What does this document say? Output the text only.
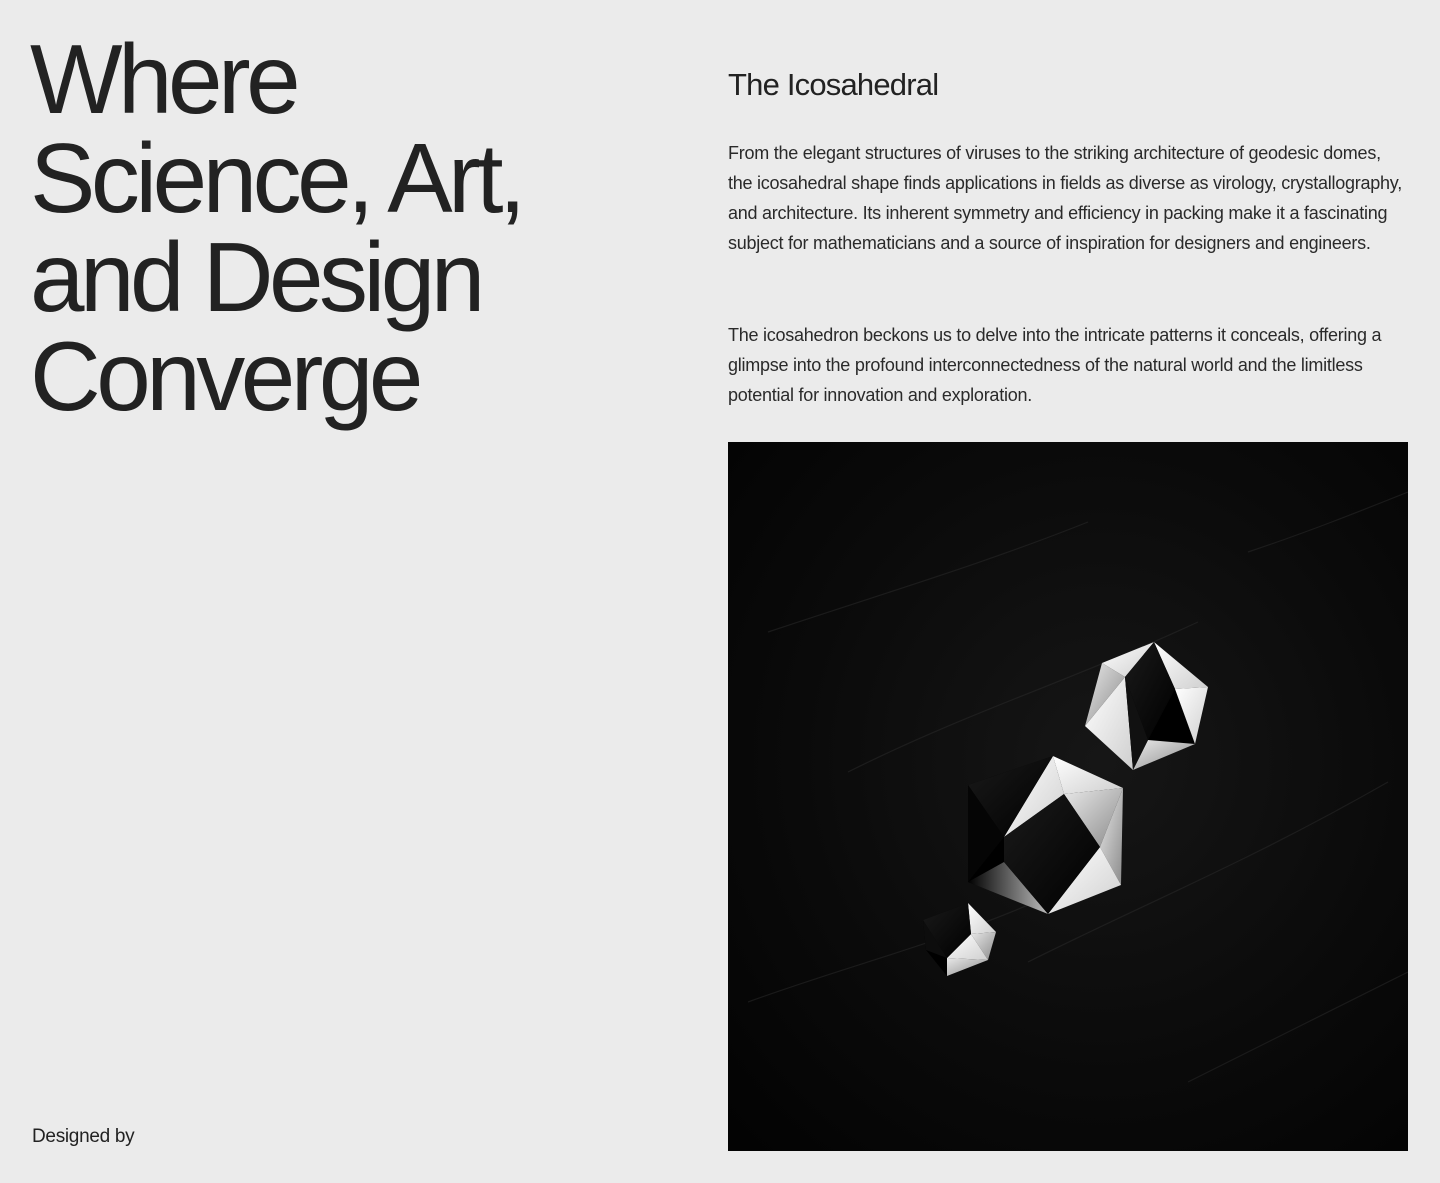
Where
Science, Art,
and Design
Converge
Designed by
The Icosahedral

From the elegant structures of viruses to the striking architecture of geodesic domes, the icosahedral shape finds applications in fields as diverse as virology, crystallography, and architecture. Its inherent symmetry and efficiency in packing make it a fascinating subject for mathematicians and a source of inspiration for designers and engineers.

The icosahedron beckons us to delve into the intricate patterns it conceals, offering a glimpse into the profound interconnectedness of the natural world and the limitless potential for innovation and exploration.
